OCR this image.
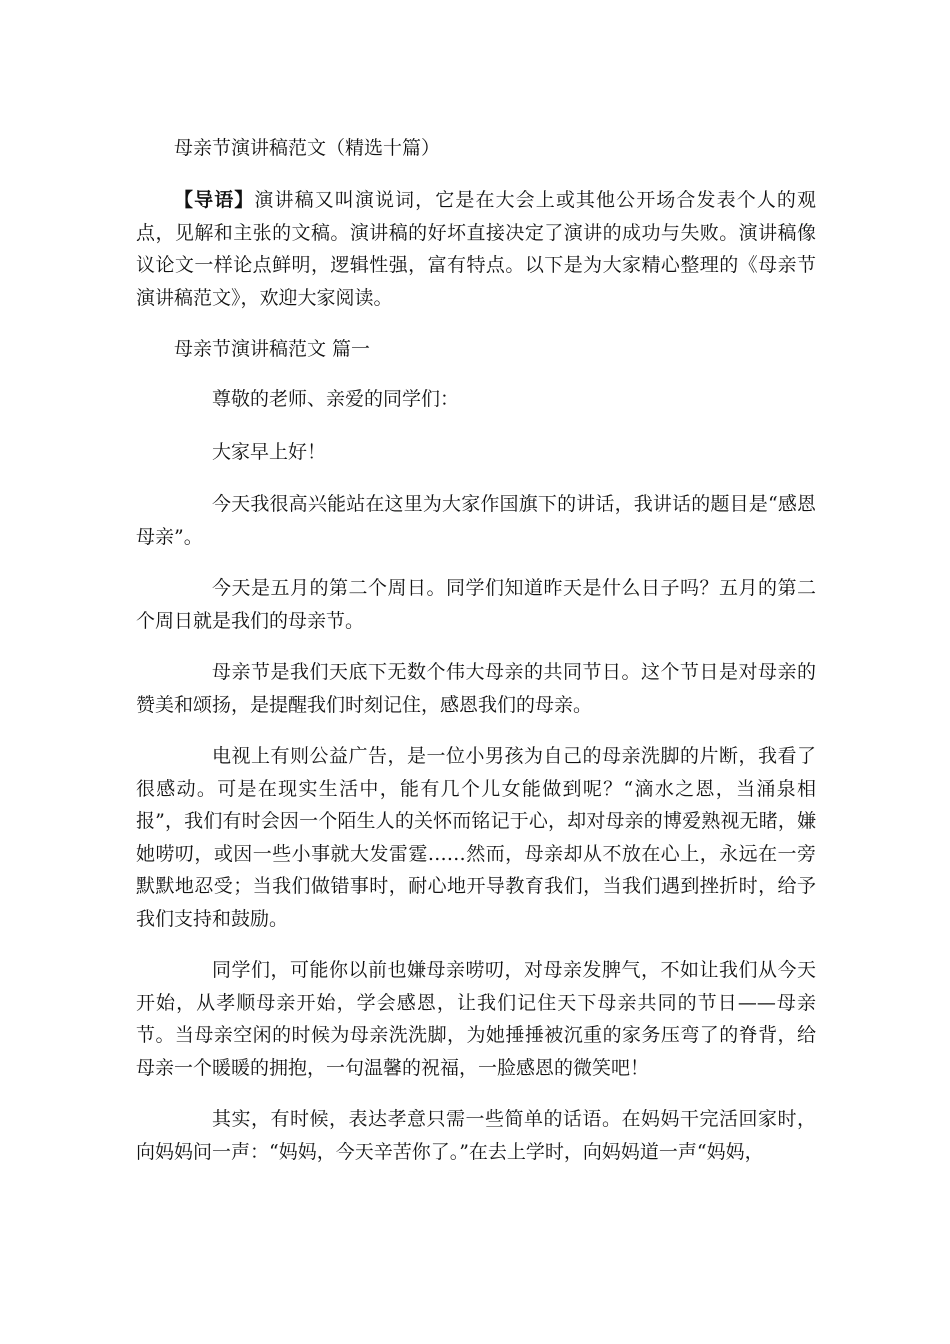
母亲节演讲稿范文（精选十篇）
【导语】演讲稿又叫演说词，它是在大会上或其他公开场合发表个人的观点，见解和主张的文稿。演讲稿的好坏直接决定了演讲的成功与失败。演讲稿像议论文一样论点鲜明，逻辑性强，富有特点。以下是为大家精心整理的《母亲节演讲稿范文》，欢迎大家阅读。
母亲节演讲稿范文 篇一
尊敬的老师、亲爱的同学们：
大家早上好！
今天我很高兴能站在这里为大家作国旗下的讲话，我讲话的题目是“感恩母亲”。
今天是五月的第二个周日。同学们知道昨天是什么日子吗？五月的第二个周日就是我们的母亲节。
母亲节是我们天底下无数个伟大母亲的共同节日。这个节日是对母亲的赞美和颂扬，是提醒我们时刻记住，感恩我们的母亲。
电视上有则公益广告，是一位小男孩为自己的母亲洗脚的片断，我看了很感动。可是在现实生活中，能有几个儿女能做到呢？“滴水之恩，当涌泉相报”，我们有时会因一个陌生人的关怀而铭记于心，却对母亲的博爱熟视无睹，嫌她唠叨，或因一些小事就大发雷霆……然而，母亲却从不放在心上，永远在一旁默默地忍受；当我们做错事时，耐心地开导教育我们，当我们遇到挫折时，给予我们支持和鼓励。
同学们，可能你以前也嫌母亲唠叨，对母亲发脾气，不如让我们从今天开始，从孝顺母亲开始，学会感恩，让我们记住天下母亲共同的节日——母亲节。当母亲空闲的时候为母亲洗洗脚，为她捶捶被沉重的家务压弯了的脊背，给母亲一个暖暖的拥抱，一句温馨的祝福，一脸感恩的微笑吧！
其实，有时候，表达孝意只需一些简单的话语。在妈妈干完活回家时，向妈妈问一声：“妈妈，今天辛苦你了。”在去上学时，向妈妈道一声“妈妈，
